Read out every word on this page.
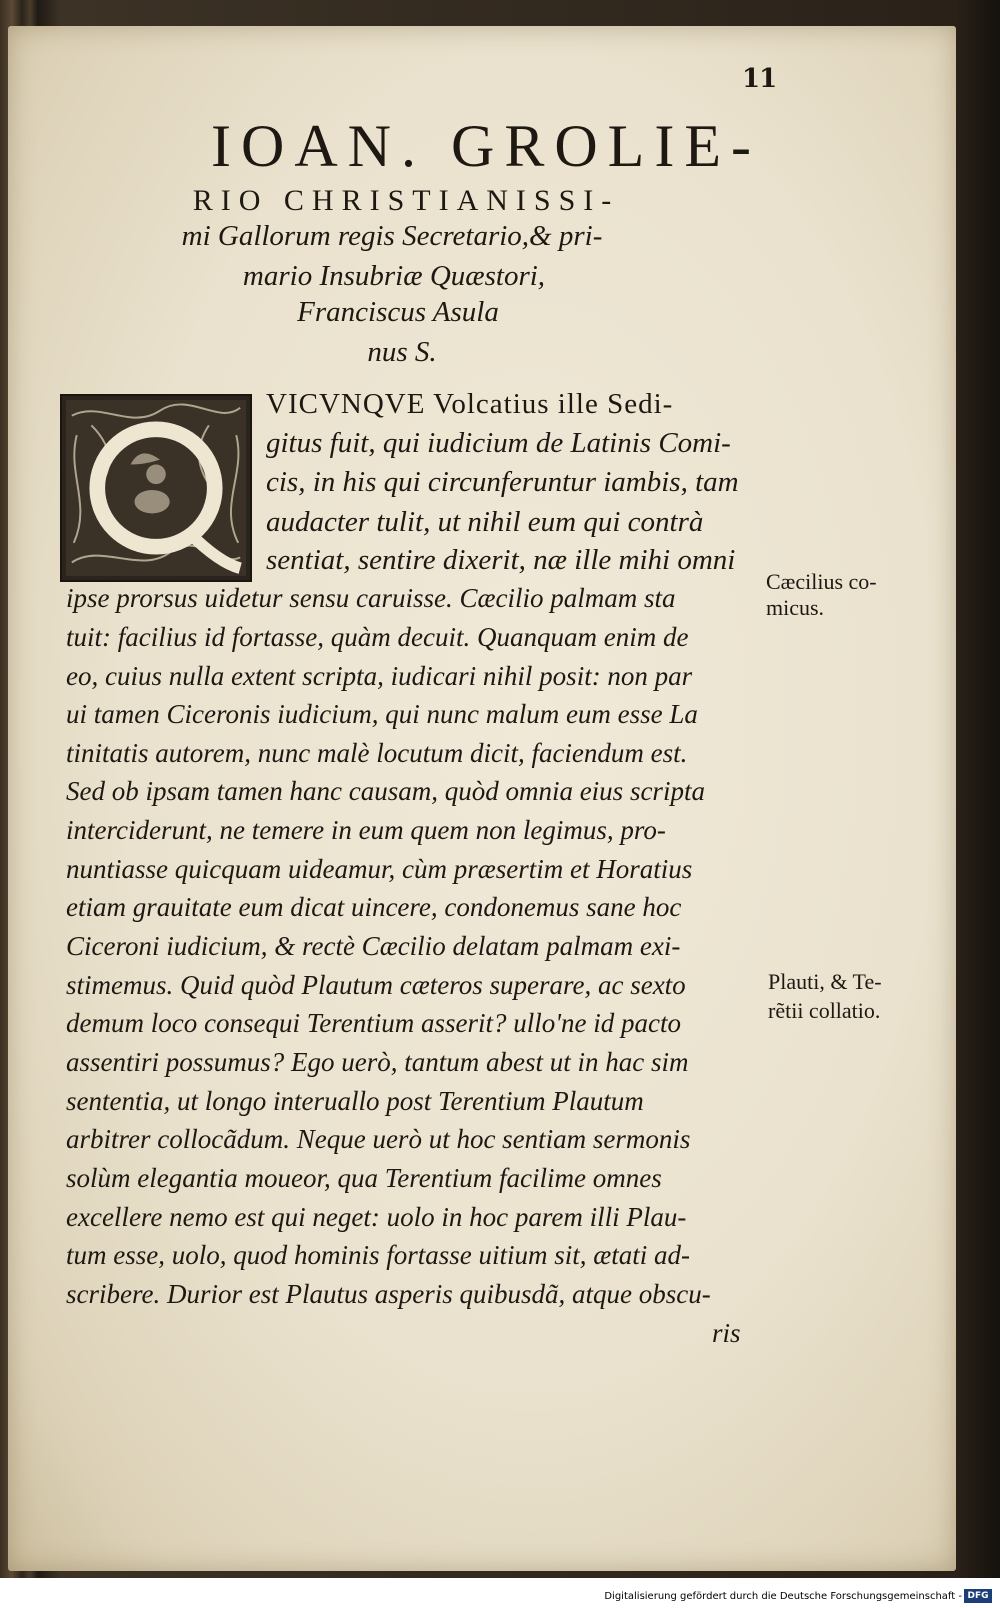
11
IOAN. GROLIE-
RIO CHRISTIANISSI-
mi Gallorum regis Secretario,& pri-
mario Insubriæ Quæstori,
Franciscus Asula
nus S.
VICVNQVE Volcatius ille Sedi-
gitus fuit, qui iudicium de Latinis Comi-
cis, in his qui circunferuntur iambis, tam
audacter tulit, ut nihil eum qui contrà
sentiat, sentire dixerit, næ ille mihi omni
ipse prorsus uidetur sensu caruisse. Cæcilio palmam sta
tuit: facilius id fortasse, quàm decuit. Quanquam enim de
eo, cuius nulla extent scripta, iudicari nihil posit: non par
ui tamen Ciceronis iudicium, qui nunc malum eum esse La
tinitatis autorem, nunc malè locutum dicit, faciendum est.
Sed ob ipsam tamen hanc causam, quòd omnia eius scripta
interciderunt, ne temere in eum quem non legimus, pro-
nuntiasse quicquam uideamur, cùm præsertim et Horatius
etiam grauitate eum dicat uincere, condonemus sane hoc
Ciceroni iudicium, & rectè Cæcilio delatam palmam exi-
stimemus. Quid quòd Plautum cæteros superare, ac sexto
demum loco consequi Terentium asserit? ullo'ne id pacto
assentiri possumus? Ego uerò, tantum abest ut in hac sim
sententia, ut longo interuallo post Terentium Plautum
arbitrer collocãdum. Neque uerò ut hoc sentiam sermonis
solùm elegantia moueor, qua Terentium facilime omnes
excellere nemo est qui neget: uolo in hoc parem illi Plau-
tum esse, uolo, quod hominis fortasse uitium sit, ætati ad-
scribere. Durior est Plautus asperis quibusdã, atque obscu-
ris
Cæcilius co-
micus.
Plauti, & Te-
rẽtii collatio.
Digitalisierung gefördert durch die Deutsche Forschungsgemeinschaft - DFG
